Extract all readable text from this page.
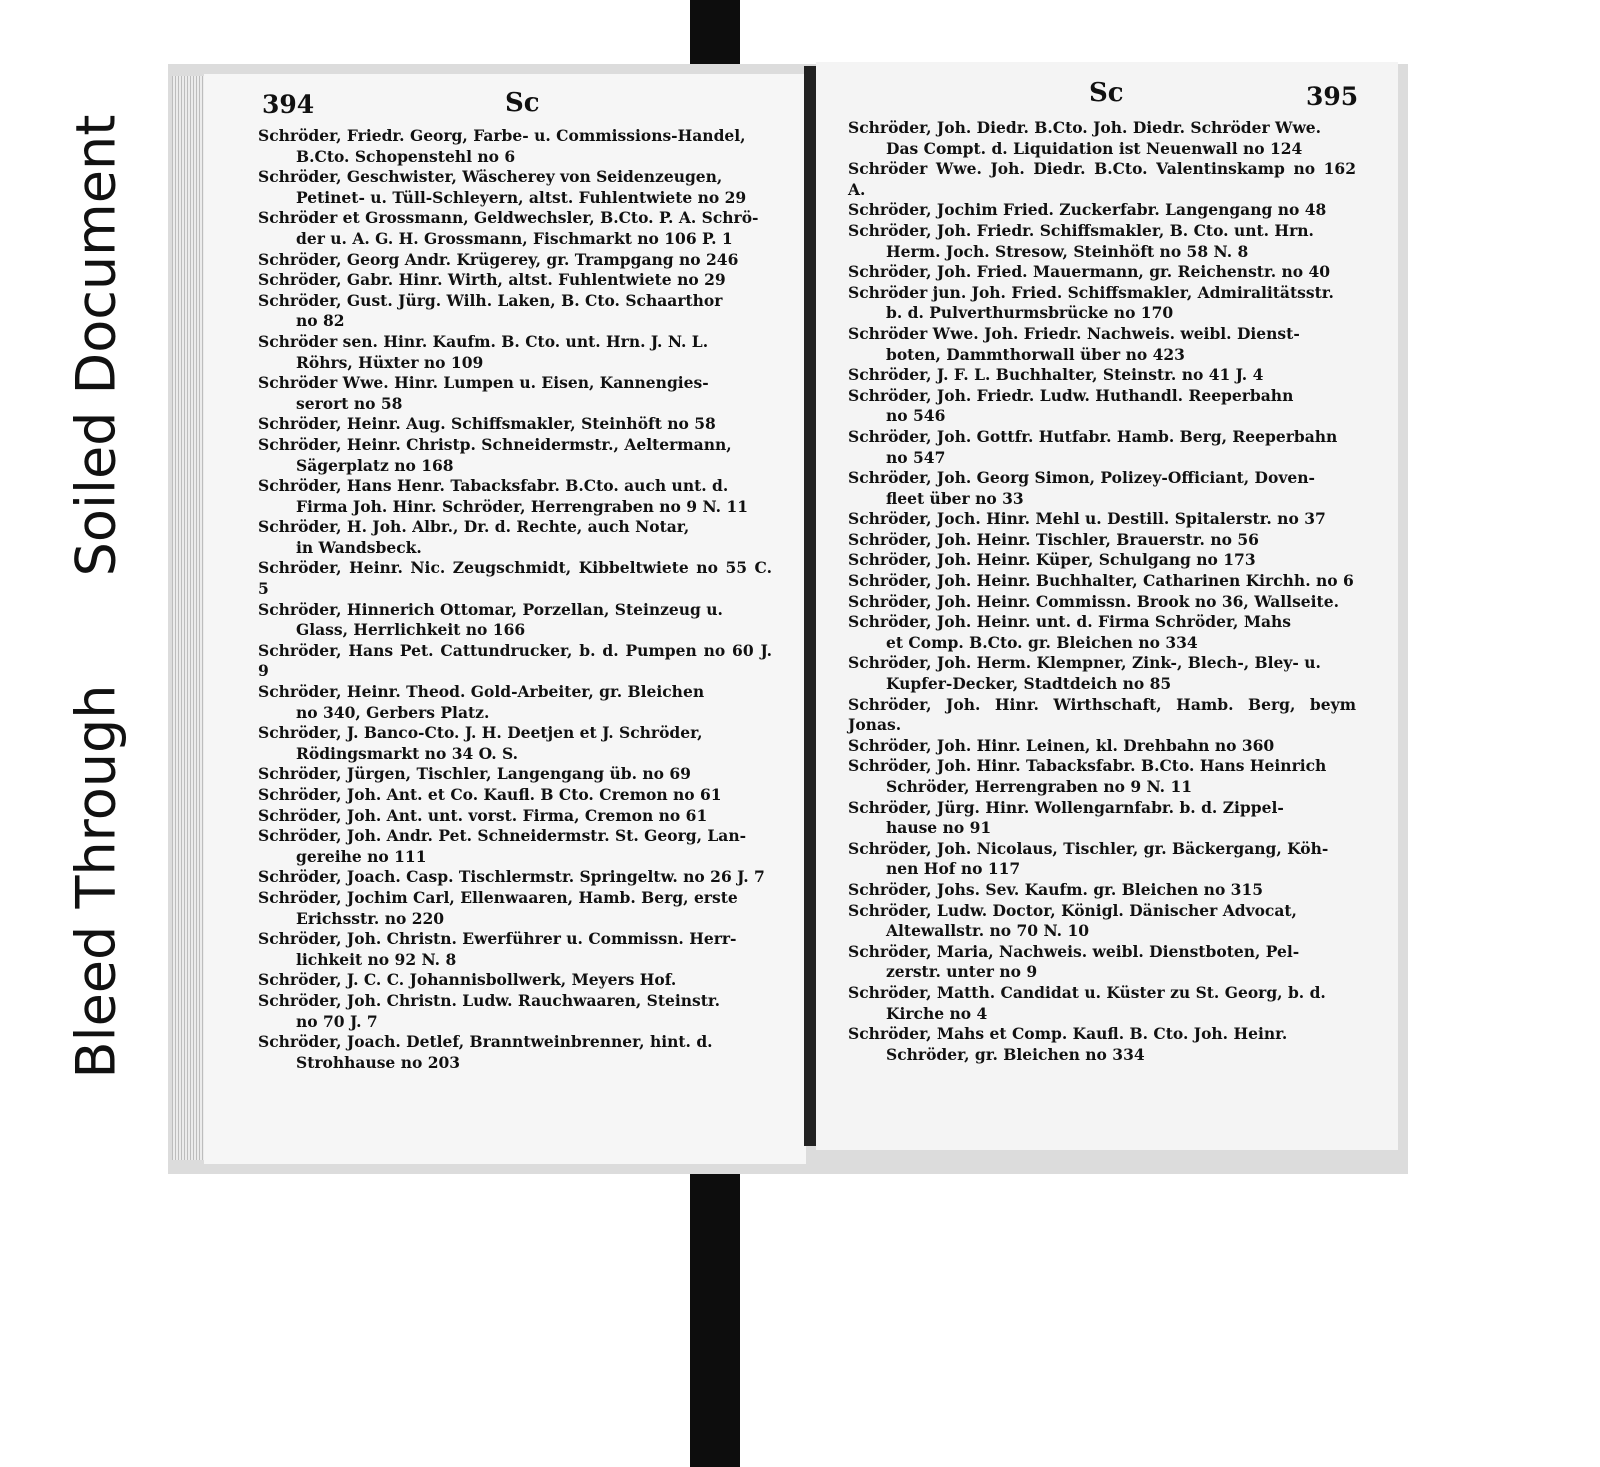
Soiled Document
Bleed Through
394	Sc	Sc	395
Schröder, Friedr. Georg, Farbe- u. Commissions-Handel,
B.Cto. Schopenstehl no 6
Schröder, Geschwister, Wäscherey von Seidenzeugen,
Petinet- u. Tüll-Schleyern, altst. Fuhlentwiete no 29
Schröder et Grossmann, Geldwechsler, B.Cto. P. A. Schrö-
der u. A. G. H. Grossmann, Fischmarkt no 106 P. 1
Schröder, Georg Andr. Krügerey, gr. Trampgang no 246
Schröder, Gabr. Hinr. Wirth, altst. Fuhlentwiete no 29
Schröder, Gust. Jürg. Wilh. Laken, B. Cto. Schaarthor
no 82
Schröder sen. Hinr. Kaufm. B. Cto. unt. Hrn. J. N. L.
Röhrs, Hüxter no 109
Schröder Wwe. Hinr. Lumpen u. Eisen, Kannengies-
serort no 58
Schröder, Heinr. Aug. Schiffsmakler, Steinhöft no 58
Schröder, Heinr. Christp. Schneidermstr., Aeltermann,
Sägerplatz no 168
Schröder, Hans Henr. Tabacksfabr. B.Cto. auch unt. d.
Firma Joh. Hinr. Schröder, Herrengraben no 9 N. 11
Schröder, H. Joh. Albr., Dr. d. Rechte, auch Notar,
in Wandsbeck.
Schröder, Heinr. Nic. Zeugschmidt, Kibbeltwiete no 55 C. 5
Schröder, Hinnerich Ottomar, Porzellan, Steinzeug u.
Glass, Herrlichkeit no 166
Schröder, Hans Pet. Cattundrucker, b. d. Pumpen no 60 J. 9
Schröder, Heinr. Theod. Gold-Arbeiter, gr. Bleichen
no 340, Gerbers Platz.
Schröder, J. Banco-Cto. J. H. Deetjen et J. Schröder,
Rödingsmarkt no 34 O. S.
Schröder, Jürgen, Tischler, Langengang üb. no 69
Schröder, Joh. Ant. et Co. Kaufl. B Cto. Cremon no 61
Schröder, Joh. Ant. unt. vorst. Firma, Cremon no 61
Schröder, Joh. Andr. Pet. Schneidermstr. St. Georg, Lan-
gereihe no 111
Schröder, Joach. Casp. Tischlermstr. Springeltw. no 26 J. 7
Schröder, Jochim Carl, Ellenwaaren, Hamb. Berg, erste
Erichsstr. no 220
Schröder, Joh. Christn. Ewerführer u. Commissn. Herr-
lichkeit no 92 N. 8
Schröder, J. C. C. Johannisbollwerk, Meyers Hof.
Schröder, Joh. Christn. Ludw. Rauchwaaren, Steinstr.
no 70 J. 7
Schröder, Joach. Detlef, Branntweinbrenner, hint. d.
Strohhause no 203
Schröder, Joh. Diedr. B.Cto. Joh. Diedr. Schröder Wwe.
Das Compt. d. Liquidation ist Neuenwall no 124
Schröder Wwe. Joh. Diedr. B.Cto. Valentinskamp no 162 A.
Schröder, Jochim Fried. Zuckerfabr. Langengang no 48
Schröder, Joh. Friedr. Schiffsmakler, B. Cto. unt. Hrn.
Herm. Joch. Stresow, Steinhöft no 58 N. 8
Schröder, Joh. Fried. Mauermann, gr. Reichenstr. no 40
Schröder jun. Joh. Fried. Schiffsmakler, Admiralitätsstr.
b. d. Pulverthurmsbrücke no 170
Schröder Wwe. Joh. Friedr. Nachweis. weibl. Dienst-
boten, Dammthorwall über no 423
Schröder, J. F. L. Buchhalter, Steinstr. no 41 J. 4
Schröder, Joh. Friedr. Ludw. Huthandl. Reeperbahn
no 546
Schröder, Joh. Gottfr. Hutfabr. Hamb. Berg, Reeperbahn
no 547
Schröder, Joh. Georg Simon, Polizey-Officiant, Doven-
fleet über no 33
Schröder, Joch. Hinr. Mehl u. Destill. Spitalerstr. no 37
Schröder, Joh. Heinr. Tischler, Brauerstr. no 56
Schröder, Joh. Heinr. Küper, Schulgang no 173
Schröder, Joh. Heinr. Buchhalter, Catharinen Kirchh. no 6
Schröder, Joh. Heinr. Commissn. Brook no 36, Wallseite.
Schröder, Joh. Heinr. unt. d. Firma Schröder, Mahs
et Comp. B.Cto. gr. Bleichen no 334
Schröder, Joh. Herm. Klempner, Zink-, Blech-, Bley- u.
Kupfer-Decker, Stadtdeich no 85
Schröder, Joh. Hinr. Wirthschaft, Hamb. Berg, beym Jonas.
Schröder, Joh. Hinr. Leinen, kl. Drehbahn no 360
Schröder, Joh. Hinr. Tabacksfabr. B.Cto. Hans Heinrich
Schröder, Herrengraben no 9 N. 11
Schröder, Jürg. Hinr. Wollengarnfabr. b. d. Zippel-
hause no 91
Schröder, Joh. Nicolaus, Tischler, gr. Bäckergang, Köh-
nen Hof no 117
Schröder, Johs. Sev. Kaufm. gr. Bleichen no 315
Schröder, Ludw. Doctor, Königl. Dänischer Advocat,
Altewallstr. no 70 N. 10
Schröder, Maria, Nachweis. weibl. Dienstboten, Pel-
zerstr. unter no 9
Schröder, Matth. Candidat u. Küster zu St. Georg, b. d.
Kirche no 4
Schröder, Mahs et Comp. Kaufl. B. Cto. Joh. Heinr.
Schröder, gr. Bleichen no 334
